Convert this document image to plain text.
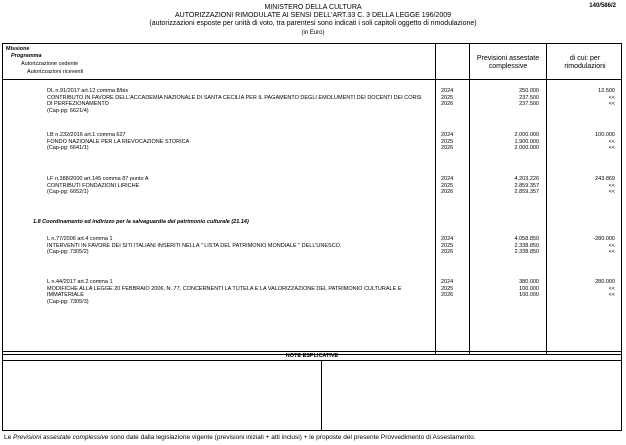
140/586/2
MINISTERO DELLA CULTURA
AUTORIZZAZIONI RIMODULATE AI SENSI DELL'ART.33 C. 3 DELLA LEGGE 196/2009
(autorizzazioni esposte per unità di voto, tra parentesi sono indicati i soli capitoli oggetto di rimodulazione)
(in Euro)
Missione
Programma
Autorizzazione cedente
Autorizzazioni riceventi
Previsioni assestate complessive
di cui: per rimodulazioni
DL n.91/2017 art.12 comma 8/bis
CONTRIBUTO IN FAVORE DELL'ACCADEMIA NAZIONALE DI SANTA CECILIA PER IL PAGAMENTO DEGLI EMOLUMENTI DEI DOCENTI DEI CORSI DI PERFEZIONAMENTO
(Cap-pg: 6621/4)
2024
2025
2026
250.000
237.500
237.500
12.500
<<
<<
LB n.232/2016 art.1 comma 627
FONDO NAZIONALE PER LA RIEVOCAZIONE STORICA
(Cap-pg: 6641/1)
2024
2025
2026
2.000.000
1.900.000
2.000.000
100.000
<<
<<
LF n.388/2000 art.145 comma 87 punto A
CONTRIBUTI FONDAZIONI LIRICHE
(Cap-pg: 6652/1)
2024
2025
2026
4.203.226
2.859.357
2.859.357
243.869
<<
<<
1.8 Coordinamento ed indirizzo per la salvaguardia del patrimonio culturale (21.14)
L n.77/2006 art.4 comma 1
INTERVENTI IN FAVORE DEI SITI ITALIANI INSERITI NELLA " LISTA DEL PATRIMONIO MONDIALE " DELL'UNESCO.
(Cap-pg: 7305/2)
2024
2025
2026
4.058.850
2.338.850
2.338.850
-280.000
<<
<<
L n.44/2017 art.2 comma 1
MODIFICHE ALLA LEGGE 20 FEBBRAIO 2006, N. 77, CONCERNENTI LA TUTELA E LA VALORIZZAZIONE DEL PATRIMONIO CULTURALE E IMMATERIALE
(Cap-pg: 7305/3)
2024
2025
2026
380.000
100.000
100.000
280.000
<<
<<
NOTE ESPLICATIVE
Le Previsioni assestate complessive sono date dalla legislazione vigente (previsioni iniziali + atti inclusi) + le proposte del presente Provvedimento di Assestamento.
